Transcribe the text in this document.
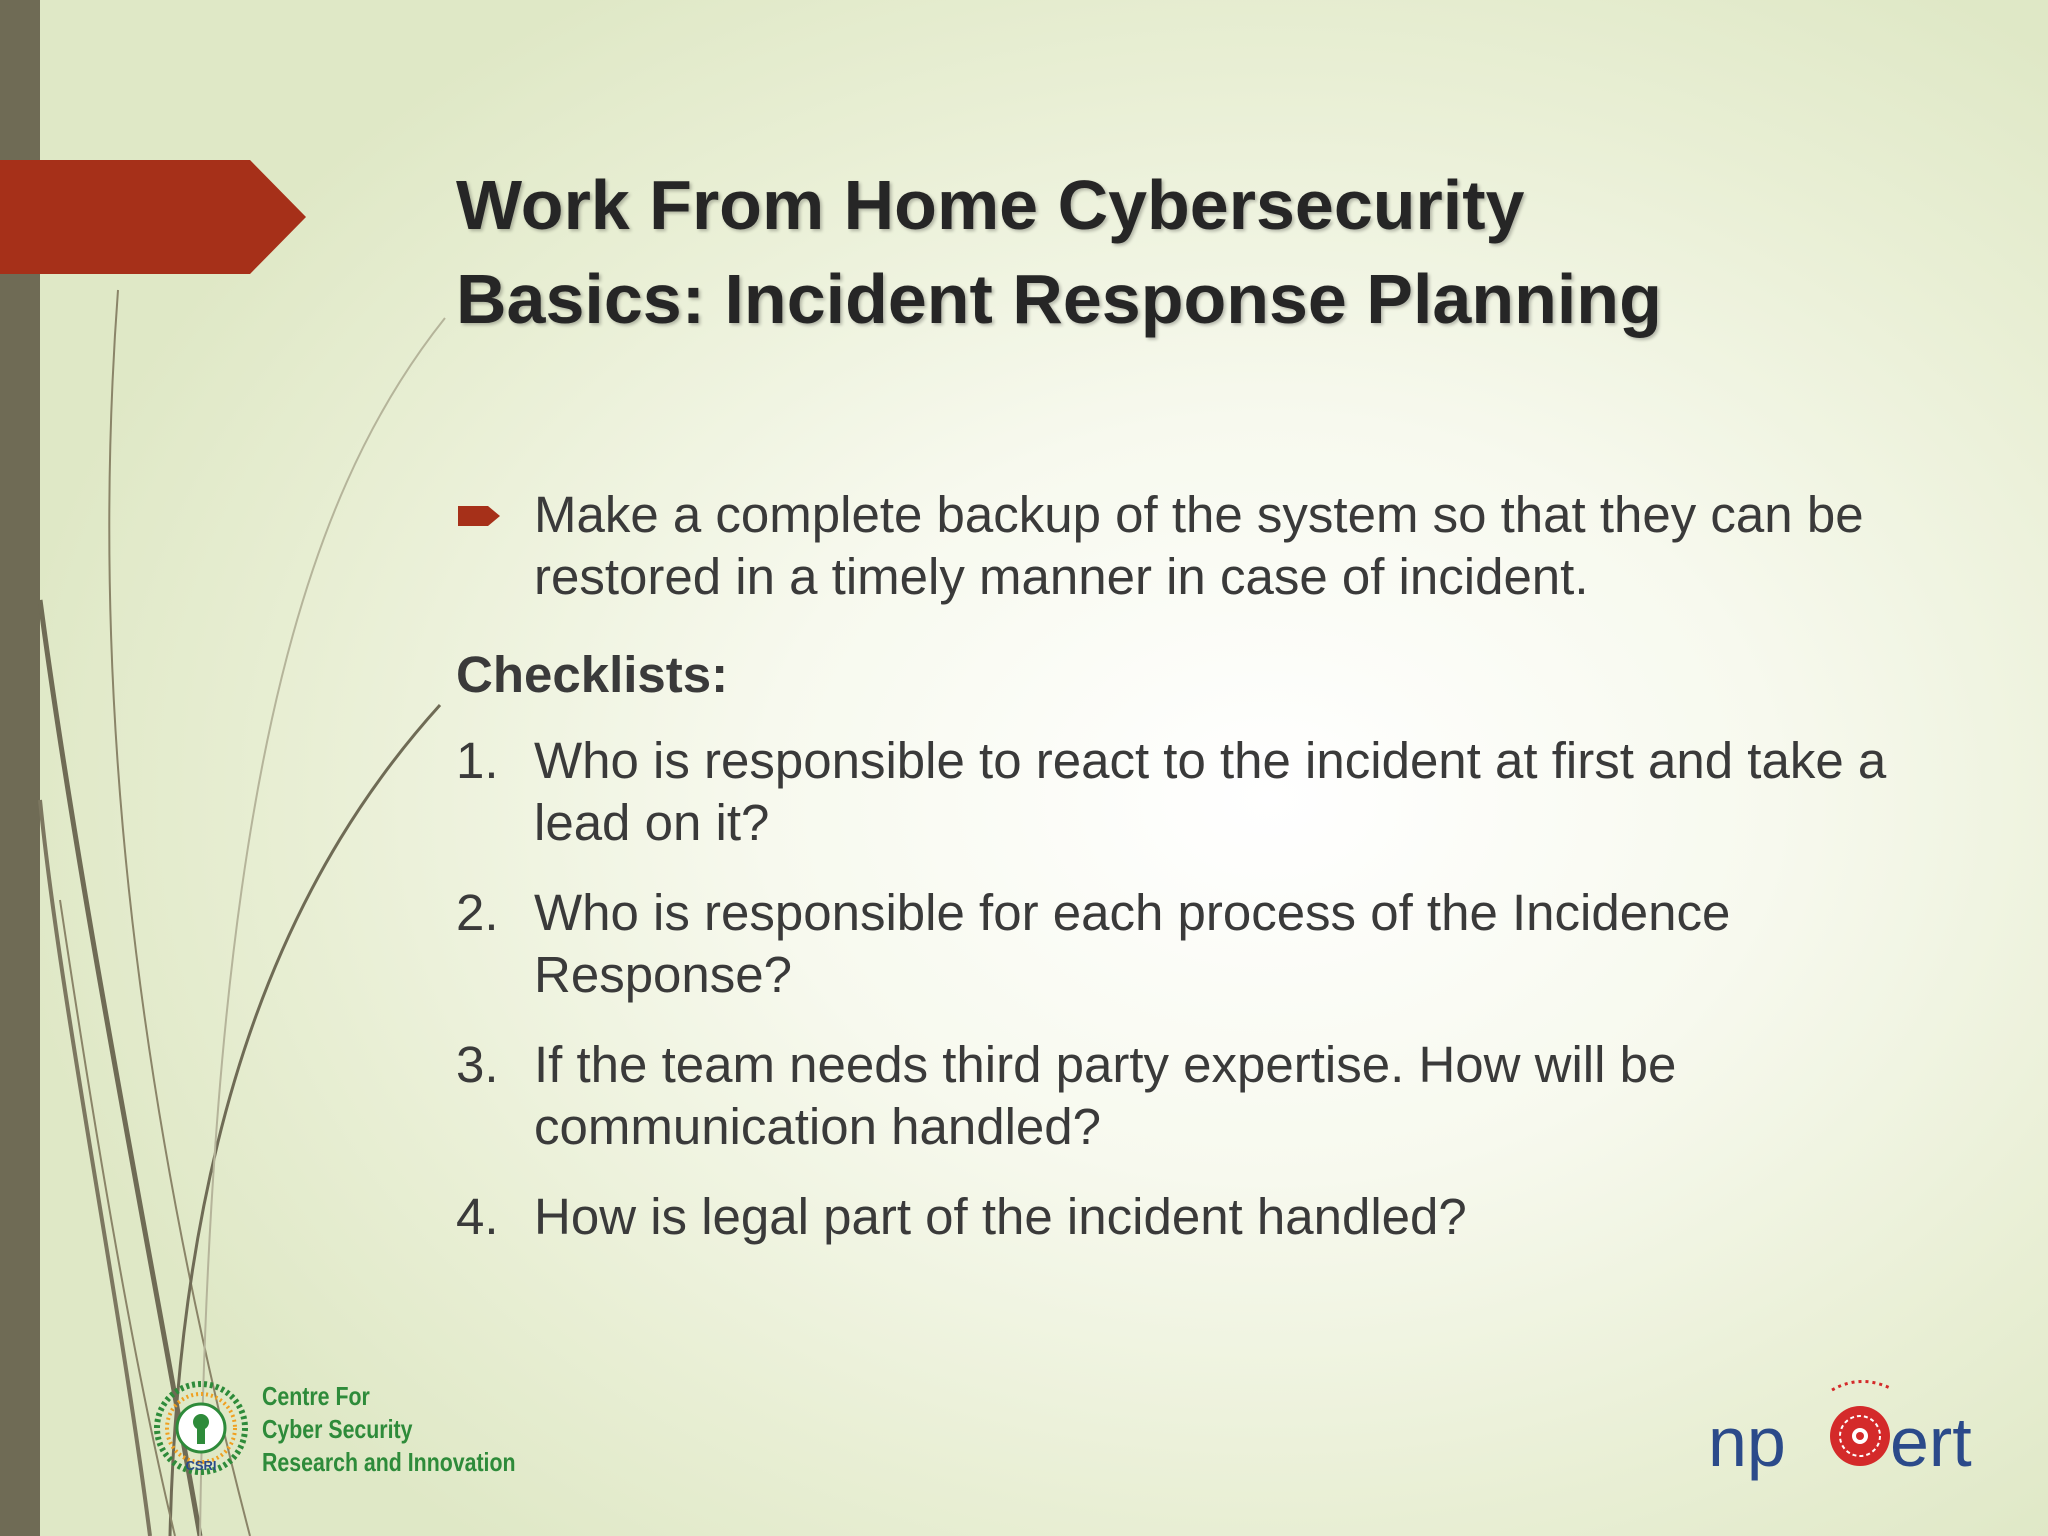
Work From Home Cybersecurity
Basics: Incident Response Planning

Make a complete backup of the system so that they can be restored in a timely manner in case of incident.

Checklists:

1. Who is responsible to react to the incident at first and take a lead on it?
2. Who is responsible for each process of the Incidence Response?
3. If the team needs third party expertise. How will be communication handled?
4. How is legal part of the incident handled?
CSRI
Centre For
Cyber Security
Research and Innovation	np ert
